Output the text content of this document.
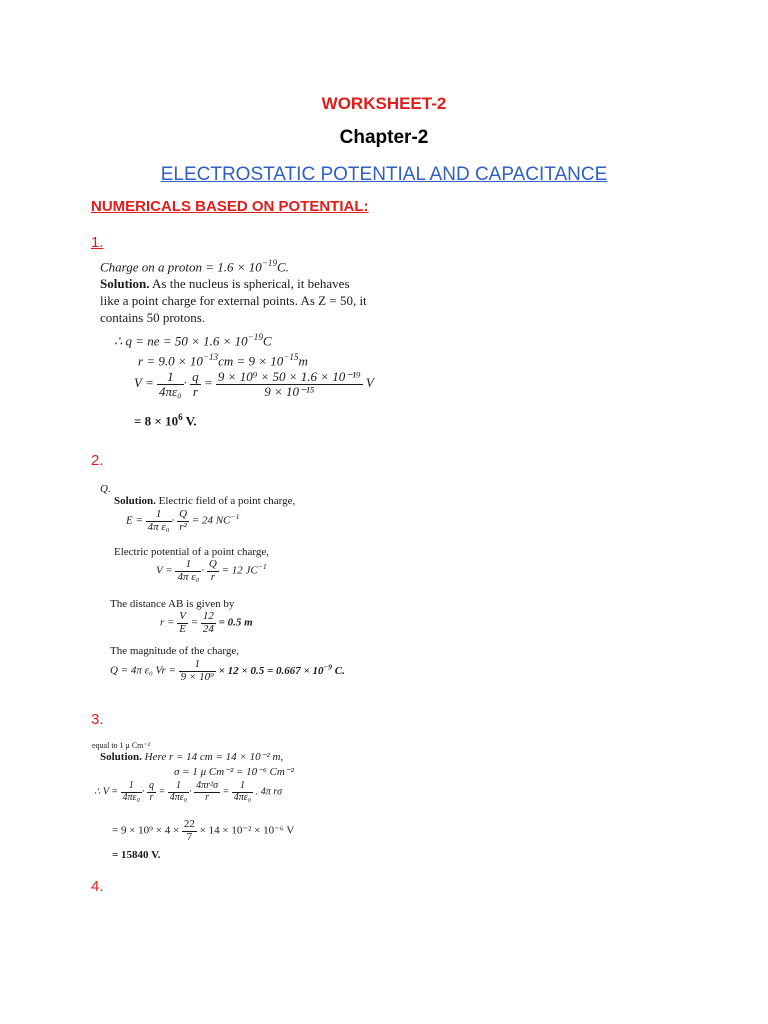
WORKSHEET-2
Chapter-2
ELECTROSTATIC POTENTIAL AND CAPACITANCE
NUMERICALS BASED ON POTENTIAL:
1.
2.
3.
4.
Charge on a proton = $1.6 \times 10^{-19}C$.
Solution. As the nucleus is spherical, it behaves
like a point charge for external points. As Z = 50, it
contains 50 protons.
∴ q = ne = $50 \times 1.6 \times 10^{-19}C$
$r = 9.0 \times 10^{-13}cm = 9 \times 10^{-15}m$
$V = \frac{1}{\text{4πε₀}} \cdot \frac{q}{r} = \frac{\text{9 × 10⁹ × 50 × 1.6 × 10⁻¹⁹}}{\text{9 × 10⁻¹⁵}}$ V
= $8 \times 10^6$ V.
Q.
Solution. Electric field of a point charge,
$E = \frac{1}{\text{4π ε₀}} \cdot \frac{Q}{\text{r²}} = 24$ $NC^{-1}$
Electric potential of a point charge,
$V = \frac{1}{\text{4π ε₀}} \cdot \frac{Q}{r} = 12$ $JC^{-1}$
The distance AB is given by
$r = \frac{V}{E} = \frac{12}{24} = 0.5$ m
The magnitude of the charge,
Q = 4π ε₀ $Vr = \frac{1}{\text{9 × 10⁹}} \times 12 \times 0.5 = 0.667 \times 10^{-9}$ C.
equal to 1 μ Cm⁻²
Solution. Here r = 14 cm = 14 × 10⁻² m,
σ = 1 μ Cm⁻² = 10⁻⁶ Cm⁻²
∴ $V = \frac{1}{\text{4πε₀}} \cdot \frac{q}{r} = \frac{1}{\text{4πε₀}} \cdot \frac{\text{4πr²σ}}{r} = \frac{1}{\text{4πε₀}}$ . 4π rσ
= $9 \times 10^9 \times 4 \times \frac{22}{7} \times 14 \times 10^{-2} \times 10^{-6}$ V
= 15840 V.
